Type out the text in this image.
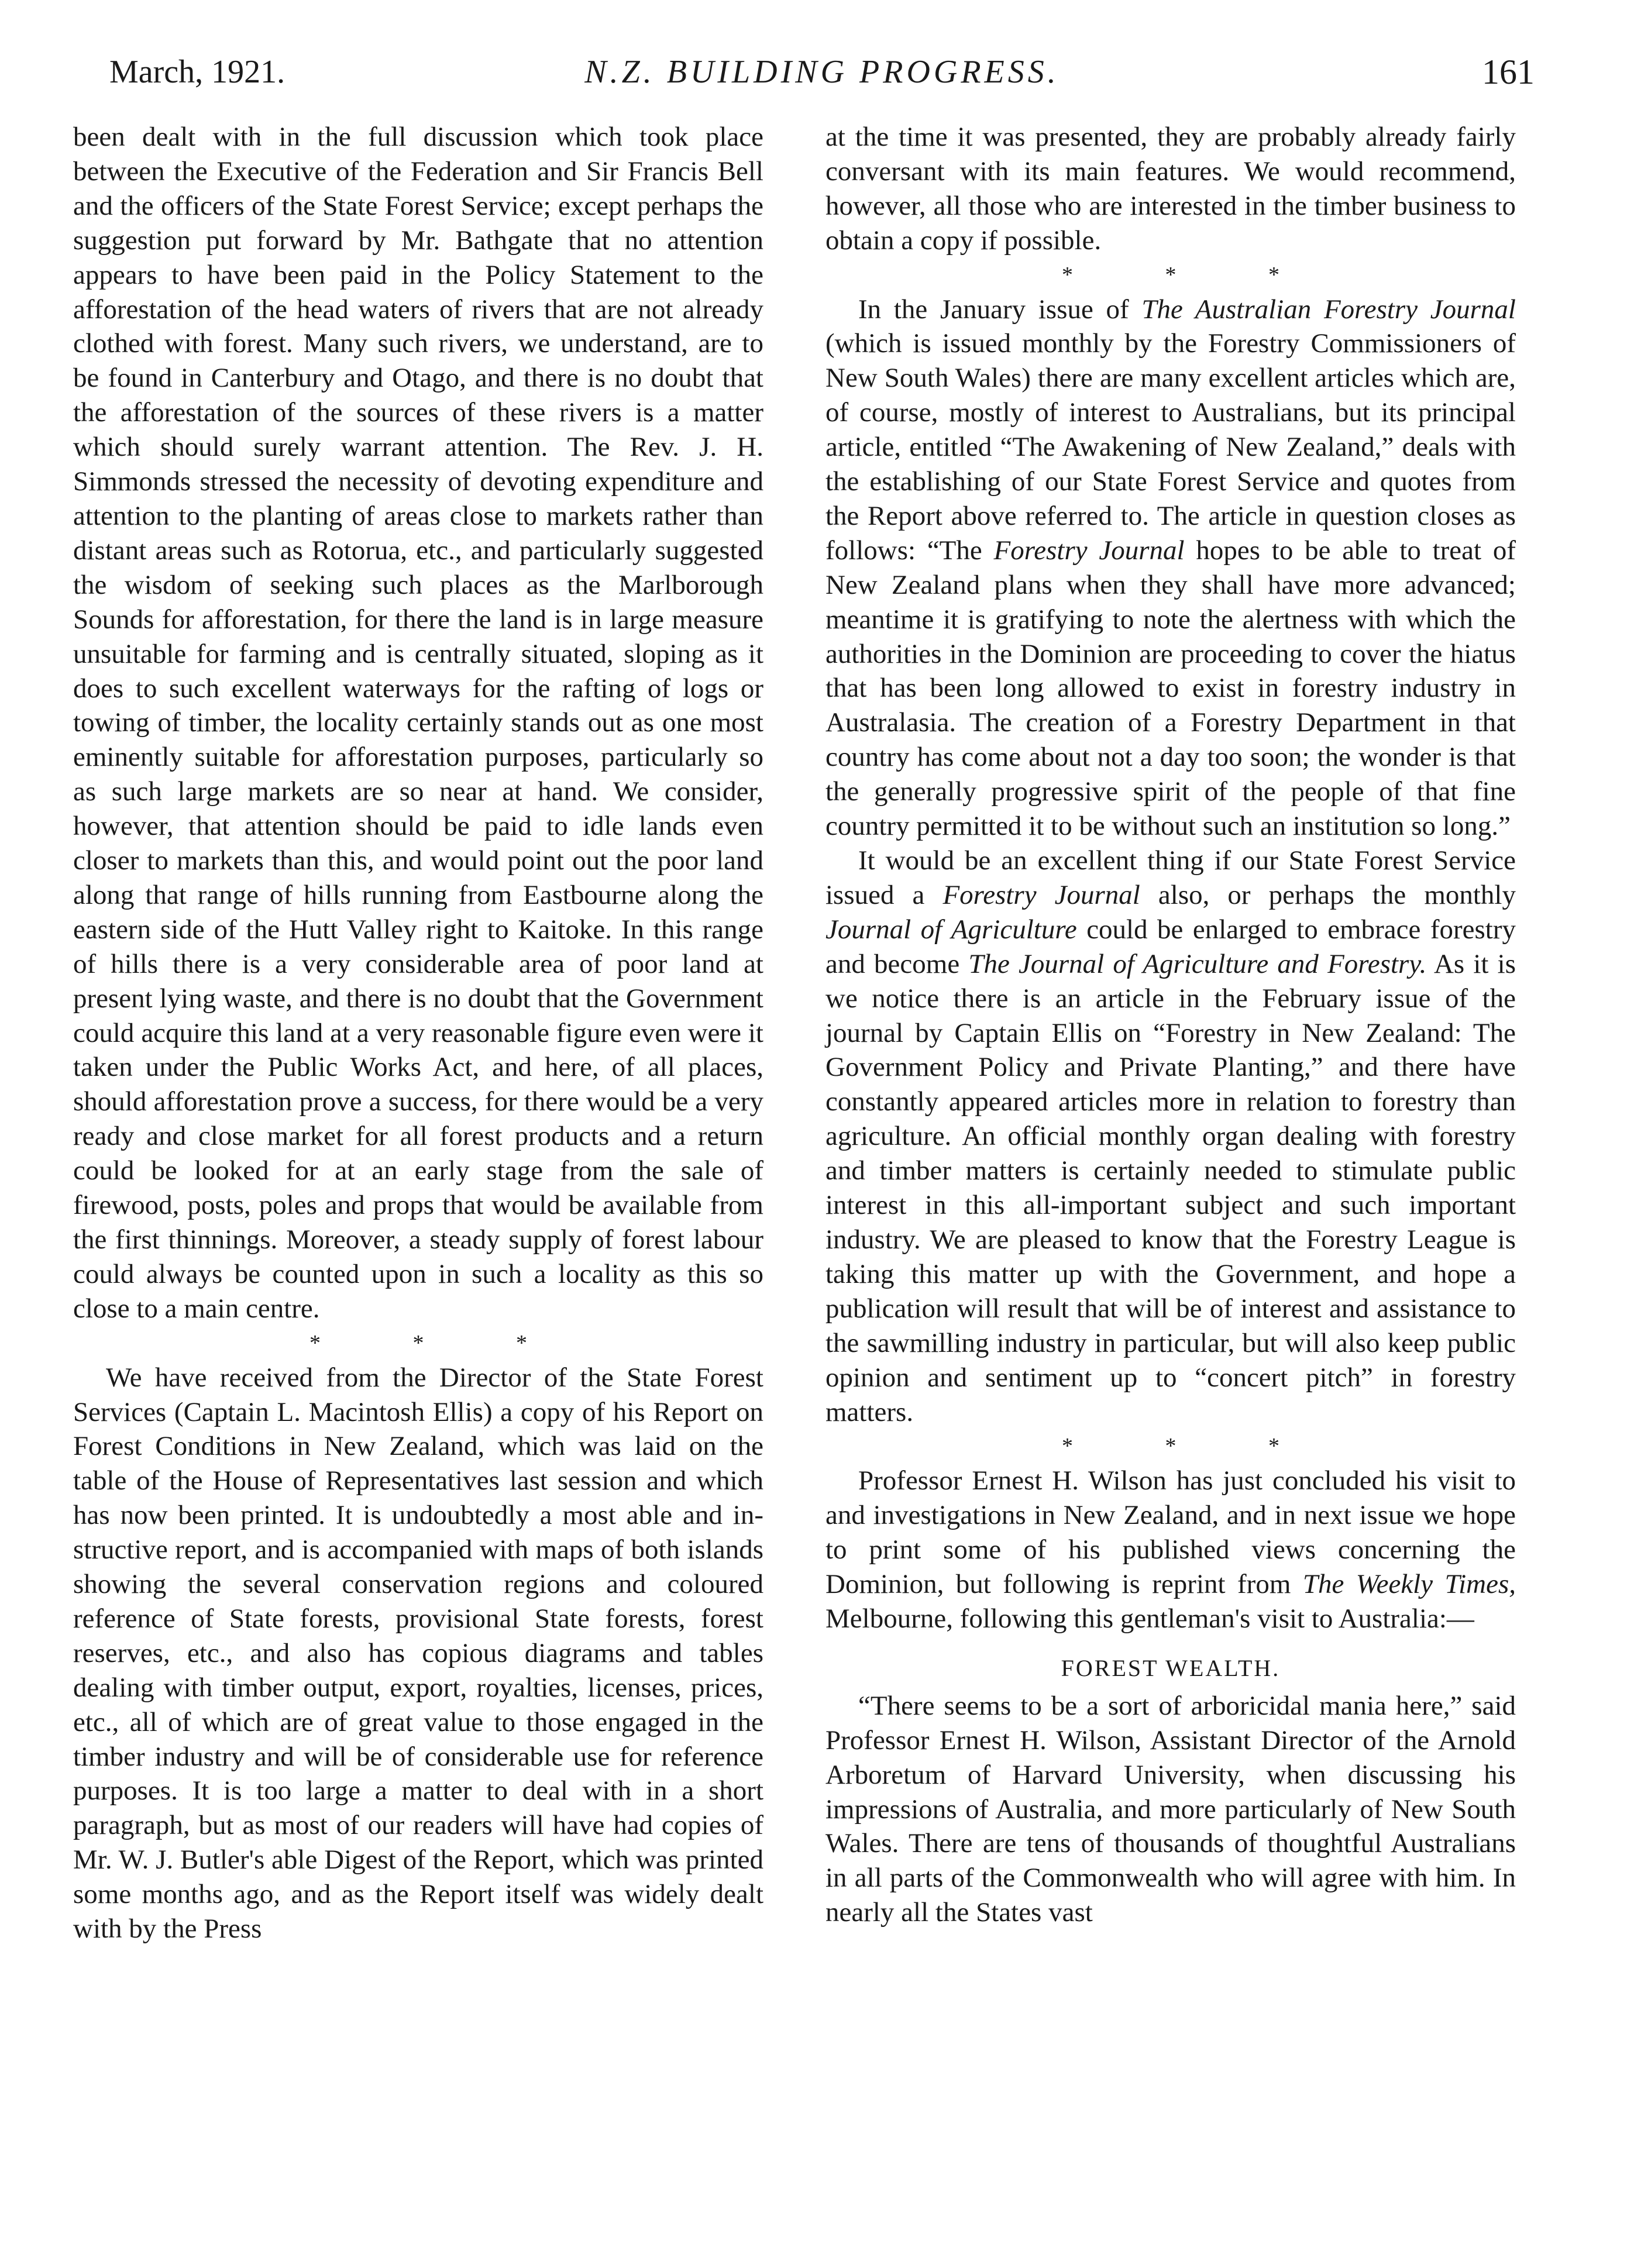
March, 1921.	N.Z. BUILDING PROGRESS.	161

been dealt with in the full discussion which took place between the Executive of the Federation and Sir Francis Bell and the officers of the State Forest Service; except perhaps the suggestion put forward by Mr. Bathgate that no attention appears to have been paid in the Policy Statement to the afforestation of the head waters of rivers that are not already clothed with forest. Many such rivers, we understand, are to be found in Canterbury and Otago, and there is no doubt that the afforestation of the sources of these rivers is a matter which should surely warrant attention. The Rev. J. H. Simmonds stressed the necessity of devoting expenditure and attention to the planting of areas close to markets rather than distant areas such as Rotorua, etc., and particularly suggested the wisdom of seeking such places as the Marlborough Sounds for afforestation, for there the land is in large measure unsuitable for farming and is centrally situated, sloping as it does to such excellent waterways for the rafting of logs or towing of timber, the locality certainly stands out as one most eminently suitable for afforestation purposes, particularly so as such large markets are so near at hand. We consider, however, that attention should be paid to idle lands even closer to markets than this, and would point out the poor land along that range of hills running from Eastbourne along the eastern side of the Hutt Valley right to Kaitoke. In this range of hills there is a very considerable area of poor land at present lying waste, and there is no doubt that the Government could acquire this land at a very reasonable figure even were it taken under the Public Works Act, and here, of all places, should afforestation prove a success, for there would be a very ready and close market for all forest products and a return could be looked for at an early stage from the sale of firewood, posts, poles and props that would be available from the first thinnings. Moreover, a steady supply of forest labour could always be counted upon in such a locality as this so close to a main centre.

* * *

We have received from the Director of the State Forest Services (Captain L. Macintosh Ellis) a copy of his Report on Forest Conditions in New Zealand, which was laid on the table of the House of Representatives last session and which has now been printed. It is undoubtedly a most able and instructive report, and is accompanied with maps of both islands showing the several conservation regions and coloured reference of State forests, provisional State forests, forest reserves, etc., and also has copious diagrams and tables dealing with timber output, export, royalties, licenses, prices, etc., all of which are of great value to those engaged in the timber industry and will be of considerable use for reference purposes. It is too large a matter to deal with in a short paragraph, but as most of our readers will have had copies of Mr. W. J. Butler's able Digest of the Report, which was printed some months ago, and as the Report itself was widely dealt with by the Press

at the time it was presented, they are probably already fairly conversant with its main features. We would recommend, however, all those who are interested in the timber business to obtain a copy if possible.

* * *

In the January issue of The Australian Forestry Journal (which is issued monthly by the Forestry Commissioners of New South Wales) there are many excellent articles which are, of course, mostly of interest to Australians, but its principal article, entitled “The Awakening of New Zealand,” deals with the establishing of our State Forest Service and quotes from the Report above referred to. The article in question closes as follows: “The Forestry Journal hopes to be able to treat of New Zealand plans when they shall have more advanced; meantime it is gratifying to note the alertness with which the authorities in the Dominion are proceeding to cover the hiatus that has been long allowed to exist in forestry industry in Australasia. The creation of a Forestry Department in that country has come about not a day too soon; the wonder is that the generally progressive spirit of the people of that fine country permitted it to be without such an institution so long.”

It would be an excellent thing if our State Forest Service issued a Forestry Journal also, or perhaps the monthly Journal of Agriculture could be enlarged to embrace forestry and become The Journal of Agriculture and Forestry. As it is we notice there is an article in the February issue of the journal by Captain Ellis on “Forestry in New Zealand: The Government Policy and Private Planting,” and there have constantly appeared articles more in relation to forestry than agriculture. An official monthly organ dealing with forestry and timber matters is certainly needed to stimulate public interest in this all-important subject and such important industry. We are pleased to know that the Forestry League is taking this matter up with the Government, and hope a publication will result that will be of interest and assistance to the sawmilling industry in particular, but will also keep public opinion and sentiment up to “concert pitch” in forestry matters.

* * *

Professor Ernest H. Wilson has just concluded his visit to and investigations in New Zealand, and in next issue we hope to print some of his published views concerning the Dominion, but following is reprint from The Weekly Times, Melbourne, following this gentleman's visit to Australia:—

FOREST WEALTH.

“There seems to be a sort of arboricidal mania here,” said Professor Ernest H. Wilson, Assistant Director of the Arnold Arboretum of Harvard University, when discussing his impressions of Australia, and more particularly of New South Wales. There are tens of thousands of thoughtful Australians in all parts of the Commonwealth who will agree with him. In nearly all the States vast
